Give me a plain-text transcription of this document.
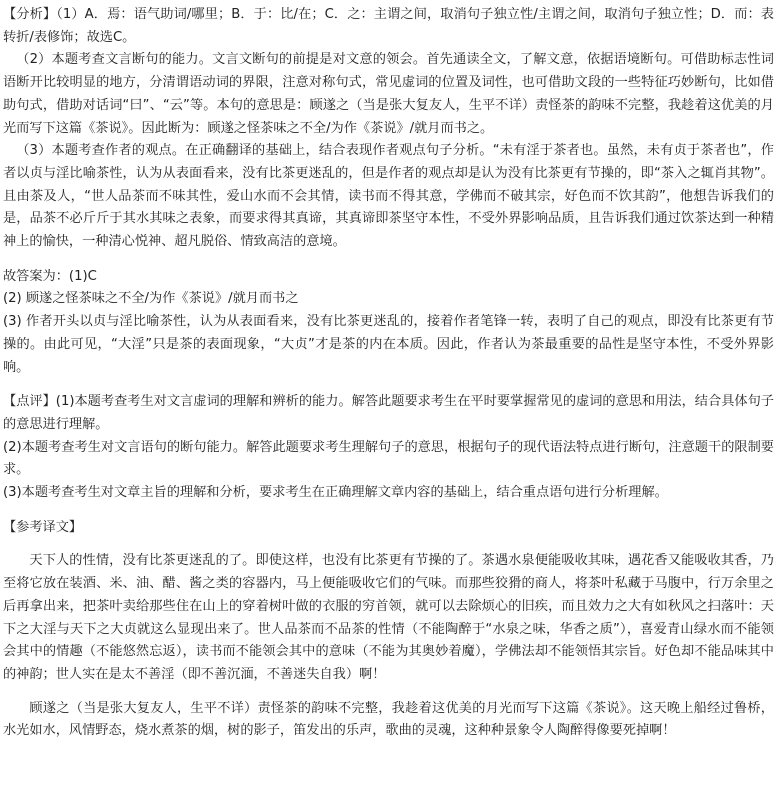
【分析】（1）A．焉：语气助词/哪里；B．于：比/在；C．之：主谓之间，取消句子独立性/主谓之间，取消句子独立性；D．而：表转折/表修饰；故选C。

（2）本题考查文言断句的能力。文言文断句的前提是对文意的领会。首先通读全文，了解文意，依据语境断句。可借助标志性词语断开比较明显的地方，分清谓语动词的界限，注意对称句式，常见虚词的位置及词性，也可借助文段的一些特征巧妙断句，比如借助句式，借助对话词“曰”、“云”等。本句的意思是：顾遂之（当是张大复友人，生平不详）责怪茶的韵味不完整，我趁着这优美的月光而写下这篇《茶说》。因此断为：顾遂之怪茶味之不全/为作《茶说》/就月而书之。

（3）本题考查作者的观点。在正确翻译的基础上，结合表现作者观点句子分析。“未有淫于茶者也。虽然，未有贞于茶者也”，作者以贞与淫比喻茶性，认为从表面看来，没有比茶更迷乱的，但是作者的观点却是认为没有比茶更有节操的，即“茶入之辄肖其物”。且由茶及人，“世人品茶而不味其性，爱山水而不会其情，读书而不得其意，学佛而不破其宗，好色而不饮其韵”，他想告诉我们的是，品茶不必斤斤于其水其味之表象，而要求得其真谛，其真谛即茶坚守本性，不受外界影响品质，且告诉我们通过饮茶达到一种精神上的愉快，一种清心悦神、超凡脱俗、情致高洁的意境。

故答案为：(1)C

(2) 顾遂之怪茶味之不全/为作《茶说》/就月而书之

(3) 作者开头以贞与淫比喻茶性，认为从表面看来，没有比茶更迷乱的，接着作者笔锋一转，表明了自己的观点，即没有比茶更有节操的。由此可见，“大淫”只是茶的表面现象，“大贞”才是茶的内在本质。因此，作者认为茶最重要的品性是坚守本性，不受外界影响。

【点评】(1)本题考查考生对文言虚词的理解和辨析的能力。解答此题要求考生在平时要掌握常见的虚词的意思和用法，结合具体句子的意思进行理解。

(2)本题考查考生对文言语句的断句能力。解答此题要求考生理解句子的意思，根据句子的现代语法特点进行断句，注意题干的限制要求。

(3)本题考查考生对文章主旨的理解和分析，要求考生在正确理解文章内容的基础上，结合重点语句进行分析理解。

【参考译文】

天下人的性情，没有比茶更迷乱的了。即使这样，也没有比茶更有节操的了。茶遇水泉便能吸收其味，遇花香又能吸收其香，乃至将它放在装酒、米、油、醋、酱之类的容器内，马上便能吸收它们的气味。而那些狡猾的商人，将茶叶私藏于马腹中，行万余里之后再拿出来，把茶叶卖给那些住在山上的穿着树叶做的衣服的穷首领，就可以去除烦心的旧疾，而且效力之大有如秋风之扫落叶：天下之大淫与天下之大贞就这么显现出来了。世人品茶而不品茶的性情（不能陶醉于“水泉之味，华香之质”），喜爱青山绿水而不能领会其中的情趣（不能悠然忘返），读书而不能领会其中的意味（不能为其奥妙着魔），学佛法却不能领悟其宗旨。好色却不能品味其中的神韵；世人实在是太不善淫（即不善沉湎，不善迷失自我）啊！

顾遂之（当是张大复友人，生平不详）责怪茶的韵味不完整，我趁着这优美的月光而写下这篇《茶说》。这天晚上船经过鲁桥，水光如水，风情野态，烧水煮茶的烟，树的影子，笛发出的乐声，歌曲的灵魂，这种种景象令人陶醉得像要死掉啊！
